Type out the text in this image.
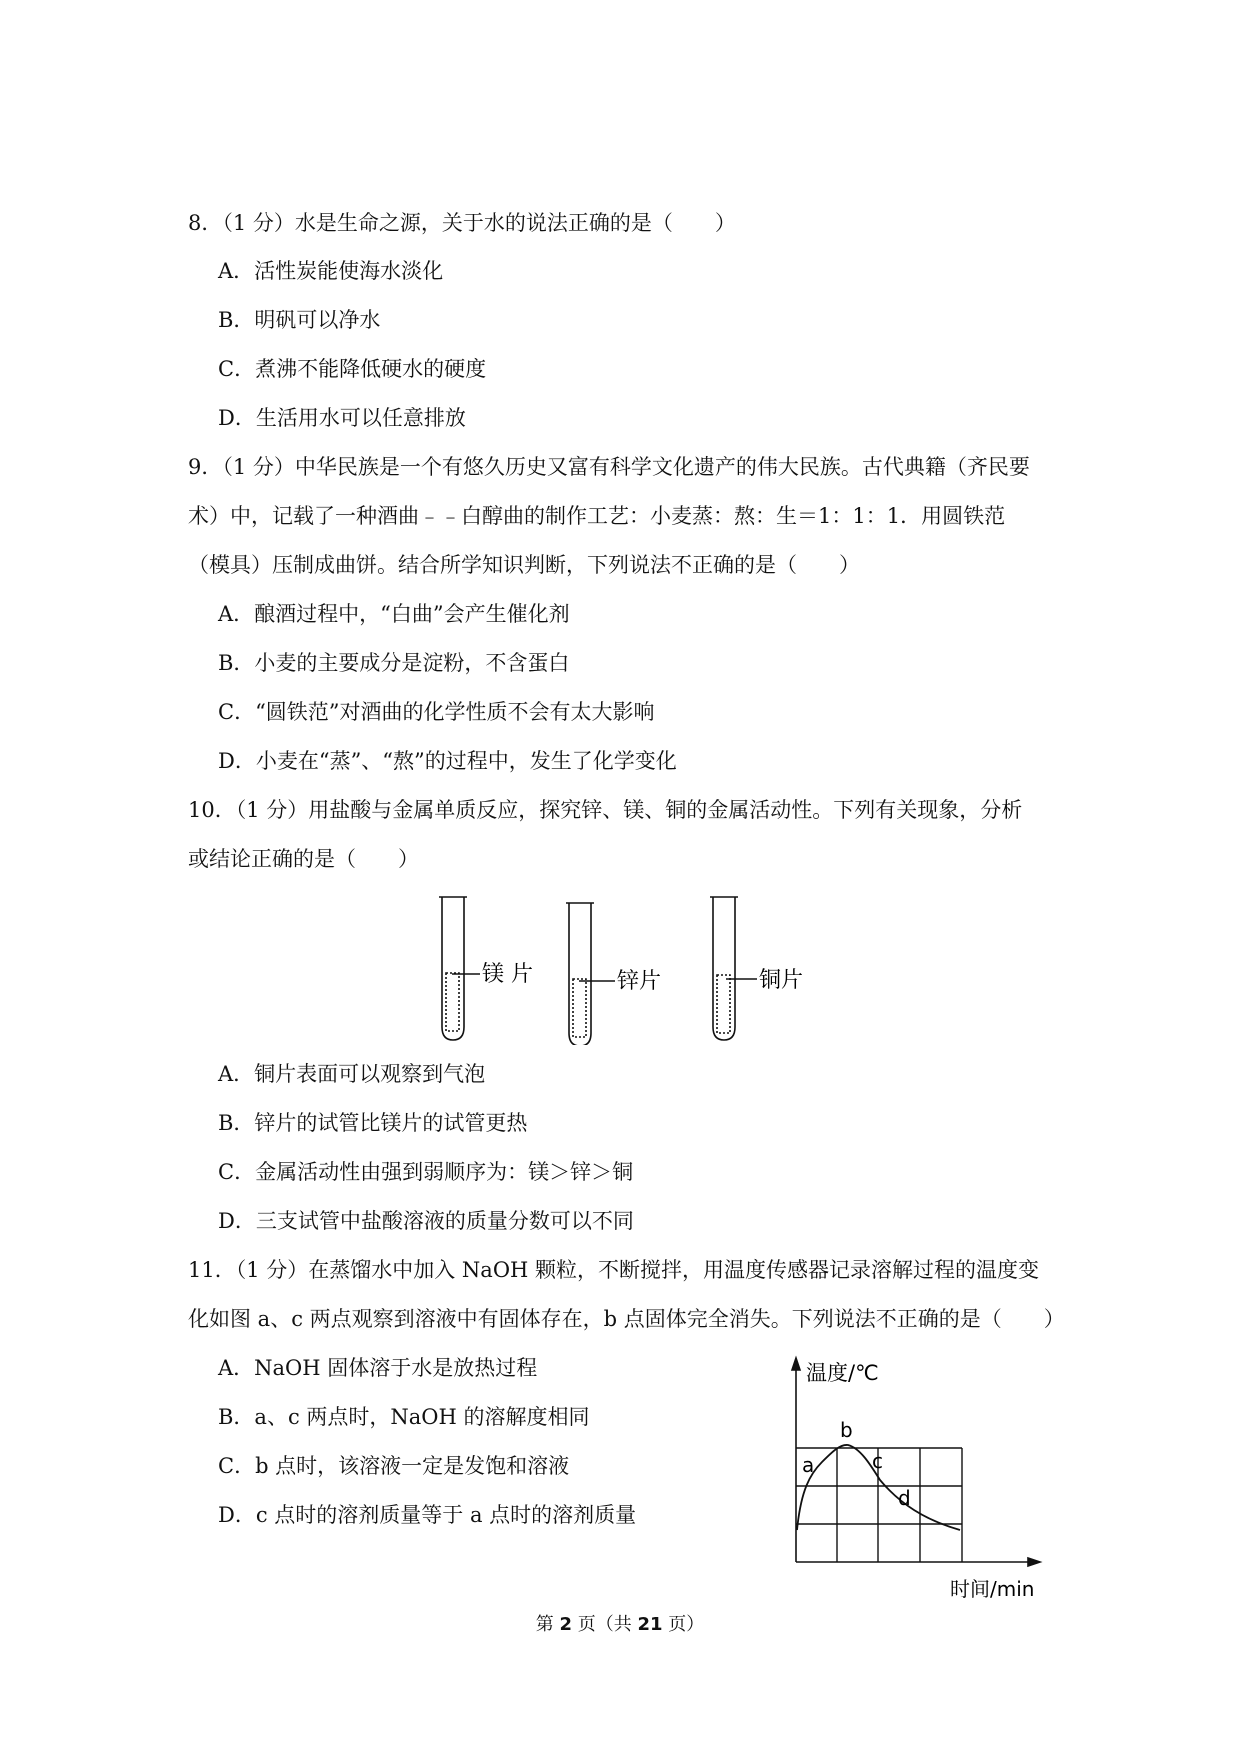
8．（1 分）水是生命之源，关于水的说法正确的是（　　）
A．活性炭能使海水淡化
B．明矾可以净水
C．煮沸不能降低硬水的硬度
D．生活用水可以任意排放
9．（1 分）中华民族是一个有悠久历史又富有科学文化遗产的伟大民族。古代典籍（齐民要
术）中，记载了一种酒曲﹣﹣白醇曲的制作工艺：小麦蒸：熬：生＝1：1：1．用圆铁范
（模具）压制成曲饼。结合所学知识判断，下列说法不正确的是（　　）
A．酿酒过程中，“白曲”会产生催化剂
B．小麦的主要成分是淀粉，不含蛋白
C．“圆铁范”对酒曲的化学性质不会有太大影响
D．小麦在“蒸”、“熬”的过程中，发生了化学变化
10．（1 分）用盐酸与金属单质反应，探究锌、镁、铜的金属活动性。下列有关现象，分析
或结论正确的是（　　）
镁 片	锌片	铜片
A．铜片表面可以观察到气泡
B．锌片的试管比镁片的试管更热
C．金属活动性由强到弱顺序为：镁＞锌＞铜
D．三支试管中盐酸溶液的质量分数可以不同
11．（1 分）在蒸馏水中加入 NaOH 颗粒，不断搅拌，用温度传感器记录溶解过程的温度变
化如图 a、c 两点观察到溶液中有固体存在，b 点固体完全消失。下列说法不正确的是（　　）
A．NaOH 固体溶于水是放热过程
B．a、c 两点时，NaOH 的溶解度相同
C．b 点时，该溶液一定是发饱和溶液
D．c 点时的溶剂质量等于 a 点时的溶剂质量
a
b
c
d
温度/℃
时间/min
第 2 页（共 21 页）
